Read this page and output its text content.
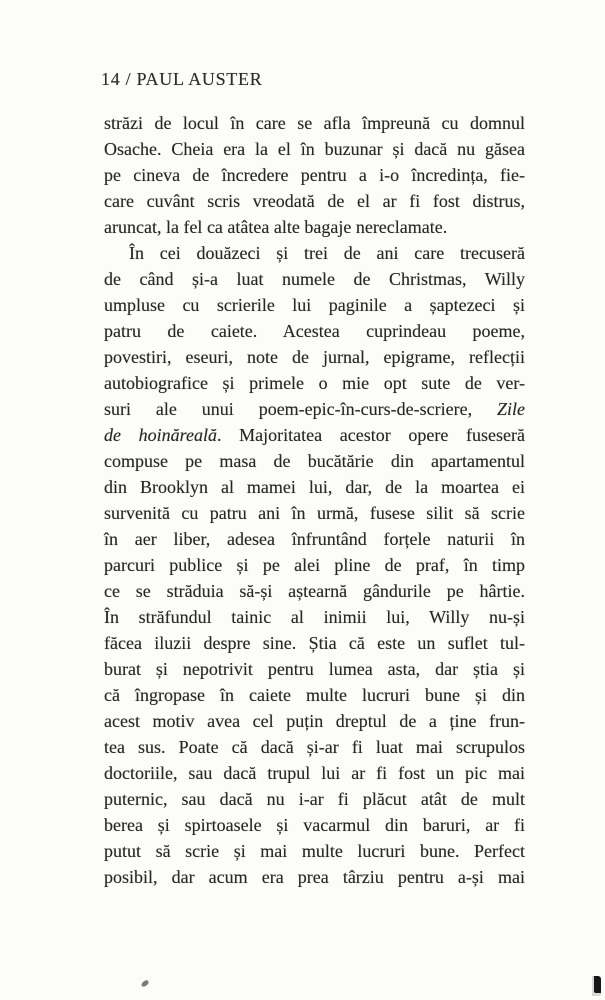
14 / PAUL AUSTER
străzi de locul în care se afla împreună cu domnul
Osache. Cheia era la el în buzunar și dacă nu găsea
pe cineva de încredere pentru a i-o încredința, fie-
care cuvânt scris vreodată de el ar fi fost distrus,
aruncat, la fel ca atâtea alte bagaje nereclamate.
În cei douăzeci și trei de ani care trecuseră
de când și-a luat numele de Christmas, Willy
umpluse cu scrierile lui paginile a șaptezeci și
patru de caiete. Acestea cuprindeau poeme,
povestiri, eseuri, note de jurnal, epigrame, reflecții
autobiografice și primele o mie opt sute de ver-
suri ale unui poem-epic-în-curs-de-scriere, Zile
de hoinăreală. Majoritatea acestor opere fuseseră
compuse pe masa de bucătărie din apartamentul
din Brooklyn al mamei lui, dar, de la moartea ei
survenită cu patru ani în urmă, fusese silit să scrie
în aer liber, adesea înfruntând forțele naturii în
parcuri publice și pe alei pline de praf, în timp
ce se străduia să-și aștearnă gândurile pe hârtie.
În străfundul tainic al inimii lui, Willy nu-și
făcea iluzii despre sine. Știa că este un suflet tul-
burat și nepotrivit pentru lumea asta, dar știa și
că îngropase în caiete multe lucruri bune și din
acest motiv avea cel puțin dreptul de a ține frun-
tea sus. Poate că dacă și-ar fi luat mai scrupulos
doctoriile, sau dacă trupul lui ar fi fost un pic mai
puternic, sau dacă nu i-ar fi plăcut atât de mult
berea și spirtoasele și vacarmul din baruri, ar fi
putut să scrie și mai multe lucruri bune. Perfect
posibil, dar acum era prea târziu pentru a-și mai
